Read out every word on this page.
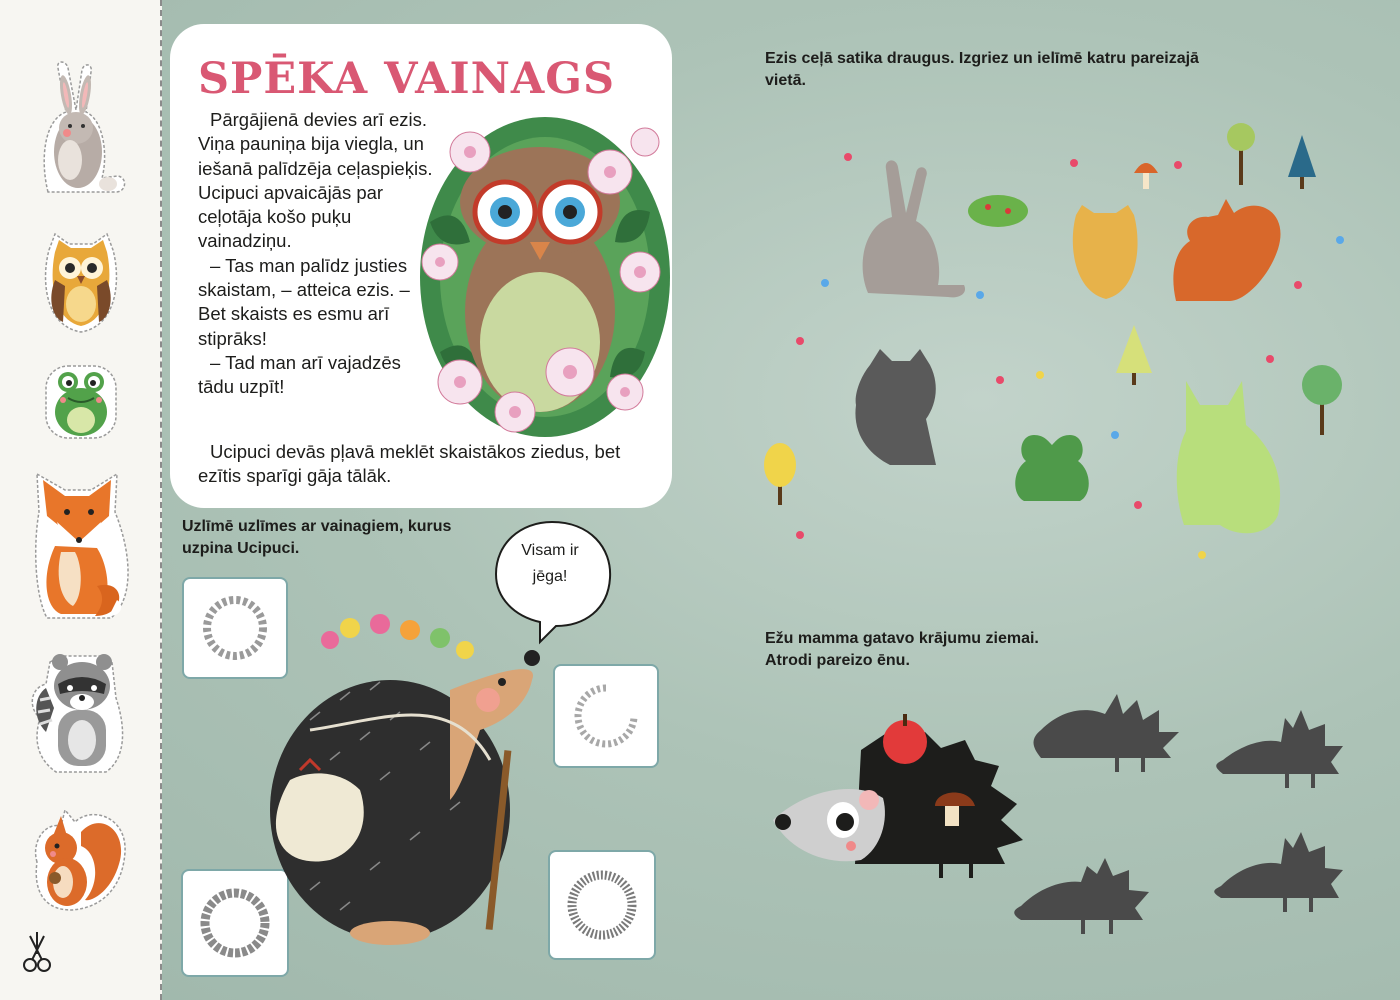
SPĒKA VAINAGS

Pārgājienā devies arī ezis. Viņa pauniņa bija viegla, un iešanā palīdzēja ceļaspieķis. Ucipuci apvaicājās par ceļotāja košo puķu vainadziņu.

– Tas man palīdz justies skaistam, – atteica ezis. – Bet skaists es esmu arī stiprāks!

– Tad man arī vajadzēs tādu uzpīt!

Ucipuci devās pļavā meklēt skaistākos ziedus, bet ezītis sparīgi gāja tālāk.

Uzlīmē uzlīmes ar vainagiem, kurus uzpina Ucipuci.	Visam ir jēga!
Ezis ceļā satika draugus. Izgriez un ielīmē katru pareizajā vietā.
Ežu mamma gatavo krājumu ziemai. Atrodi pareizo ēnu.
